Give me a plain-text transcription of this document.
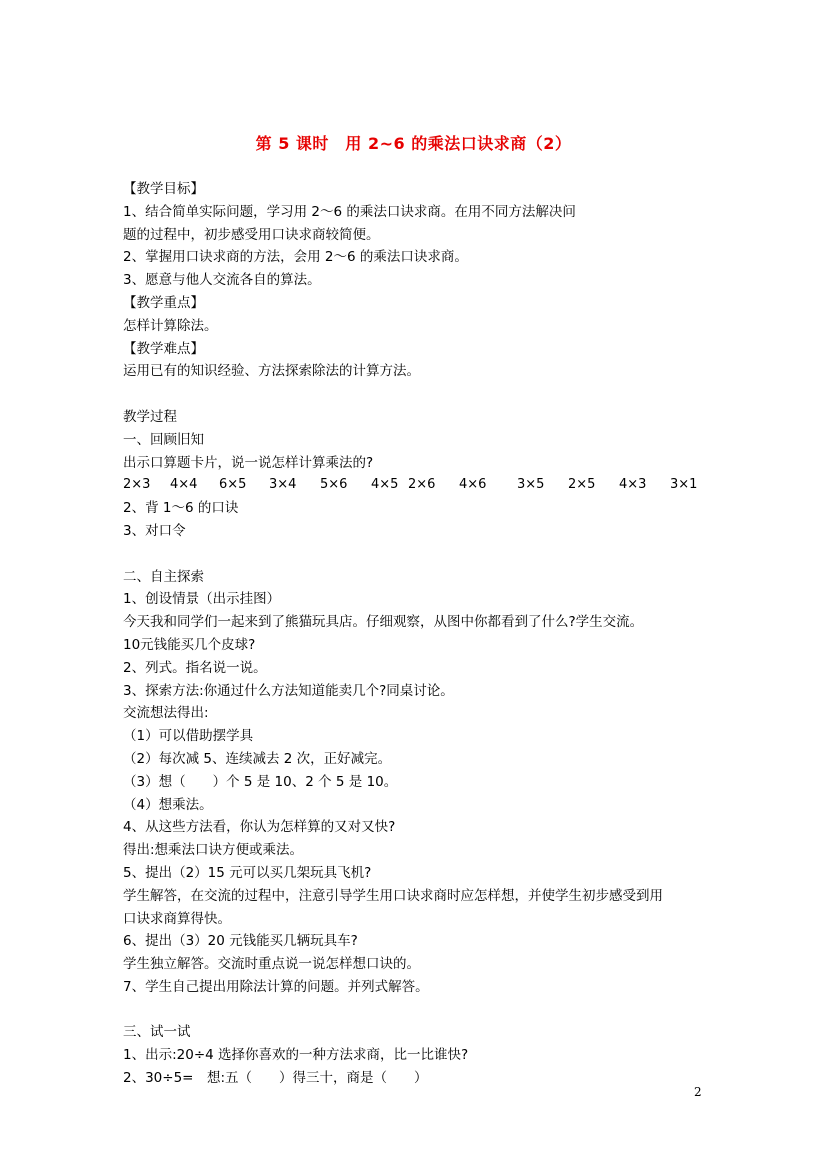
第 5 课时　用 2~6 的乘法口诀求商（2）
【教学目标】
1、结合简单实际问题，学习用 2～6 的乘法口诀求商。在用不同方法解决问
题的过程中，初步感受用口诀求商较简便。
2、掌握用口诀求商的方法，会用 2～6 的乘法口诀求商。
3、愿意与他人交流各自的算法。
【教学重点】
怎样计算除法。
【教学难点】
运用已有的知识经验、方法探索除法的计算方法。
教学过程
一、回顾旧知
出示口算题卡片，说一说怎样计算乘法的?
2×3	4×4	6×5	3×4	5×6	4×5 2×6	4×6	3×5	2×5	4×3	3×1
2、背 1～6 的口诀
3、对口令
二、自主探索
1、创设情景（出示挂图）
今天我和同学们一起来到了熊猫玩具店。仔细观察，从图中你都看到了什么?学生交流。
10元钱能买几个皮球?
2、列式。指名说一说。
3、探索方法:你通过什么方法知道能卖几个?同桌讨论。
交流想法得出:
（1）可以借助摆学具
（2）每次减 5、连续减去 2 次，正好减完。
（3）想（　　）个 5 是 10、2 个 5 是 10。
（4）想乘法。
4、从这些方法看，你认为怎样算的又对又快?
得出:想乘法口诀方便或乘法。
5、提出（2）15 元可以买几架玩具飞机?
学生解答，在交流的过程中，注意引导学生用口诀求商时应怎样想，并使学生初步感受到用
口诀求商算得快。
6、提出（3）20 元钱能买几辆玩具车?
学生独立解答。交流时重点说一说怎样想口诀的。
7、学生自己提出用除法计算的问题。并列式解答。
三、试一试
1、出示:20÷4 选择你喜欢的一种方法求商，比一比谁快?
2、30÷5=　想:五（　　）得三十，商是（　　）
2
